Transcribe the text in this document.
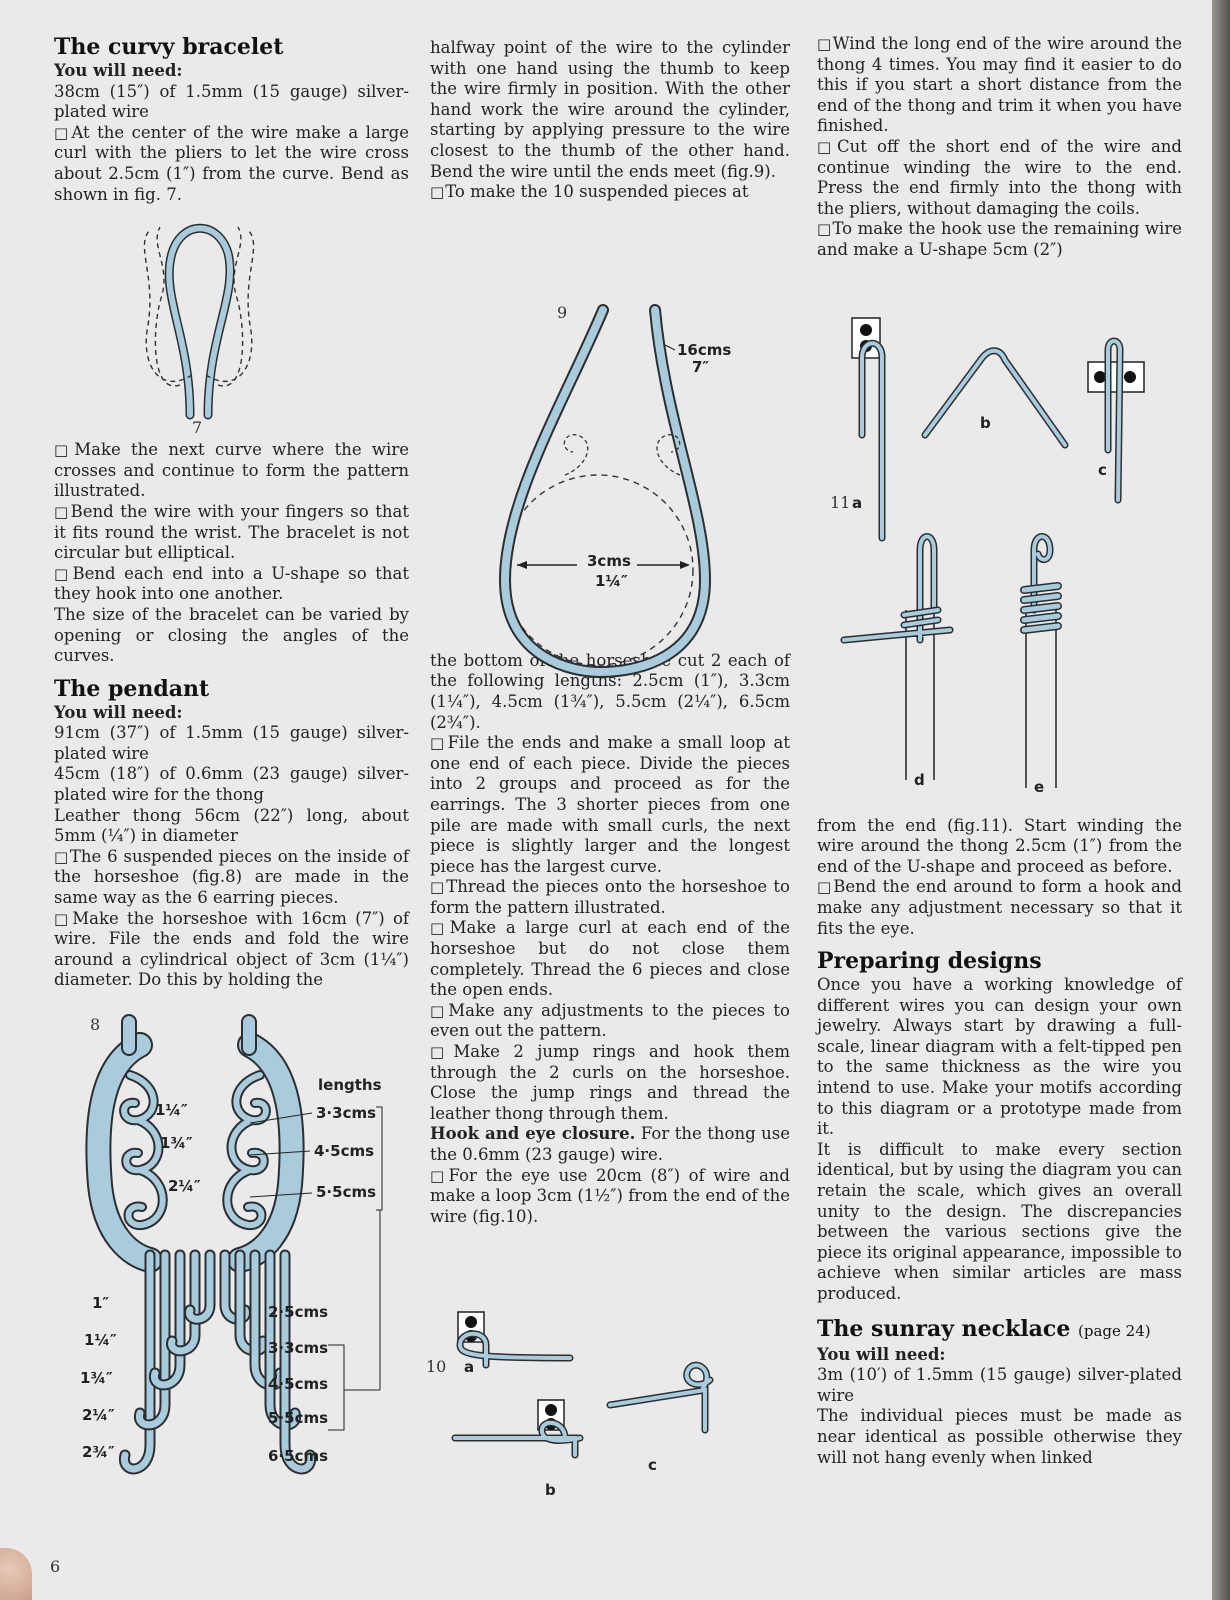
The curvy bracelet

You will need:

38cm (15″) of 1.5mm (15 gauge) silver-plated wire

□ At the center of the wire make a large curl with the pliers to let the wire cross about 2.5cm (1″) from the curve. Bend as shown in fig. 7.

□ Make the next curve where the wire crosses and continue to form the pattern illustrated.

□ Bend the wire with your fingers so that it fits round the wrist. The bracelet is not circular but elliptical.

□ Bend each end into a U-shape so that they hook into one another.

The size of the bracelet can be varied by opening or closing the angles of the curves.

The pendant

You will need:

91cm (37″) of 1.5mm (15 gauge) silver-plated wire

45cm (18″) of 0.6mm (23 gauge) silver-plated wire for the thong

Leather thong 56cm (22″) long, about 5mm (¼″) in diameter

□ The 6 suspended pieces on the inside of the horseshoe (fig.8) are made in the same way as the 6 earring pieces.

□ Make the horseshoe with 16cm (7″) of wire. File the ends and fold the wire around a cylindrical object of 3cm (1¼″) diameter. Do this by holding the

halfway point of the wire to the cylinder with one hand using the thumb to keep the wire firmly in position. With the other hand work the wire around the cylinder, starting by applying pressure to the wire closest to the thumb of the other hand. Bend the wire until the ends meet (fig.9).

□ To make the 10 suspended pieces at

the bottom of the horseshoe cut 2 each of the following lengths: 2.5cm (1″), 3.3cm (1¼″), 4.5cm (1¾″), 5.5cm (2¼″), 6.5cm (2¾″).

□ File the ends and make a small loop at one end of each piece. Divide the pieces into 2 groups and proceed as for the earrings. The 3 shorter pieces from one pile are made with small curls, the next piece is slightly larger and the longest piece has the largest curve.

□ Thread the pieces onto the horseshoe to form the pattern illustrated.

□ Make a large curl at each end of the horseshoe but do not close them completely. Thread the 6 pieces and close the open ends.

□ Make any adjustments to the pieces to even out the pattern.

□ Make 2 jump rings and hook them through the 2 curls on the horseshoe. Close the jump rings and thread the leather thong through them.

Hook and eye closure. For the thong use the 0.6mm (23 gauge) wire.

□ For the eye use 20cm (8″) of wire and make a loop 3cm (1½″) from the end of the wire (fig.10).

□ Wind the long end of the wire around the thong 4 times. You may find it easier to do this if you start a short distance from the end of the thong and trim it when you have finished.

□ Cut off the short end of the wire and continue winding the wire to the end. Press the end firmly into the thong with the pliers, without damaging the coils.

□ To make the hook use the remaining wire and make a U-shape 5cm (2″)

from the end (fig.11). Start winding the wire around the thong 2.5cm (1″) from the end of the U-shape and proceed as before.

□ Bend the end around to form a hook and make any adjustment necessary so that it fits the eye.

Preparing designs

Once you have a working knowledge of different wires you can design your own jewelry. Always start by drawing a full-scale, linear diagram with a felt-tipped pen to the same thickness as the wire you intend to use. Make your motifs according to this diagram or a prototype made from it.

It is difficult to make every section identical, but by using the diagram you can retain the scale, which gives an overall unity to the design. The discrepancies between the various sections give the piece its original appearance, impossible to achieve when similar articles are mass produced.

The sunray necklace (page 24)

You will need:

3m (10′) of 1.5mm (15 gauge) silver-plated wire

The individual pieces must be made as near identical as possible otherwise they will not hang evenly when linked

7
3cms
1¼″
16cms
7″
9
8
lengths
3·3cms
4·5cms
5·5cms
1¼″
1¾″
2¼″
2·5cms
3·3cms
4·5cms
5·5cms
6·5cms
1″
1¼″
1¾″
2¼″
2¾″
10 a
b
c
11 a
b
c
d	e
6
